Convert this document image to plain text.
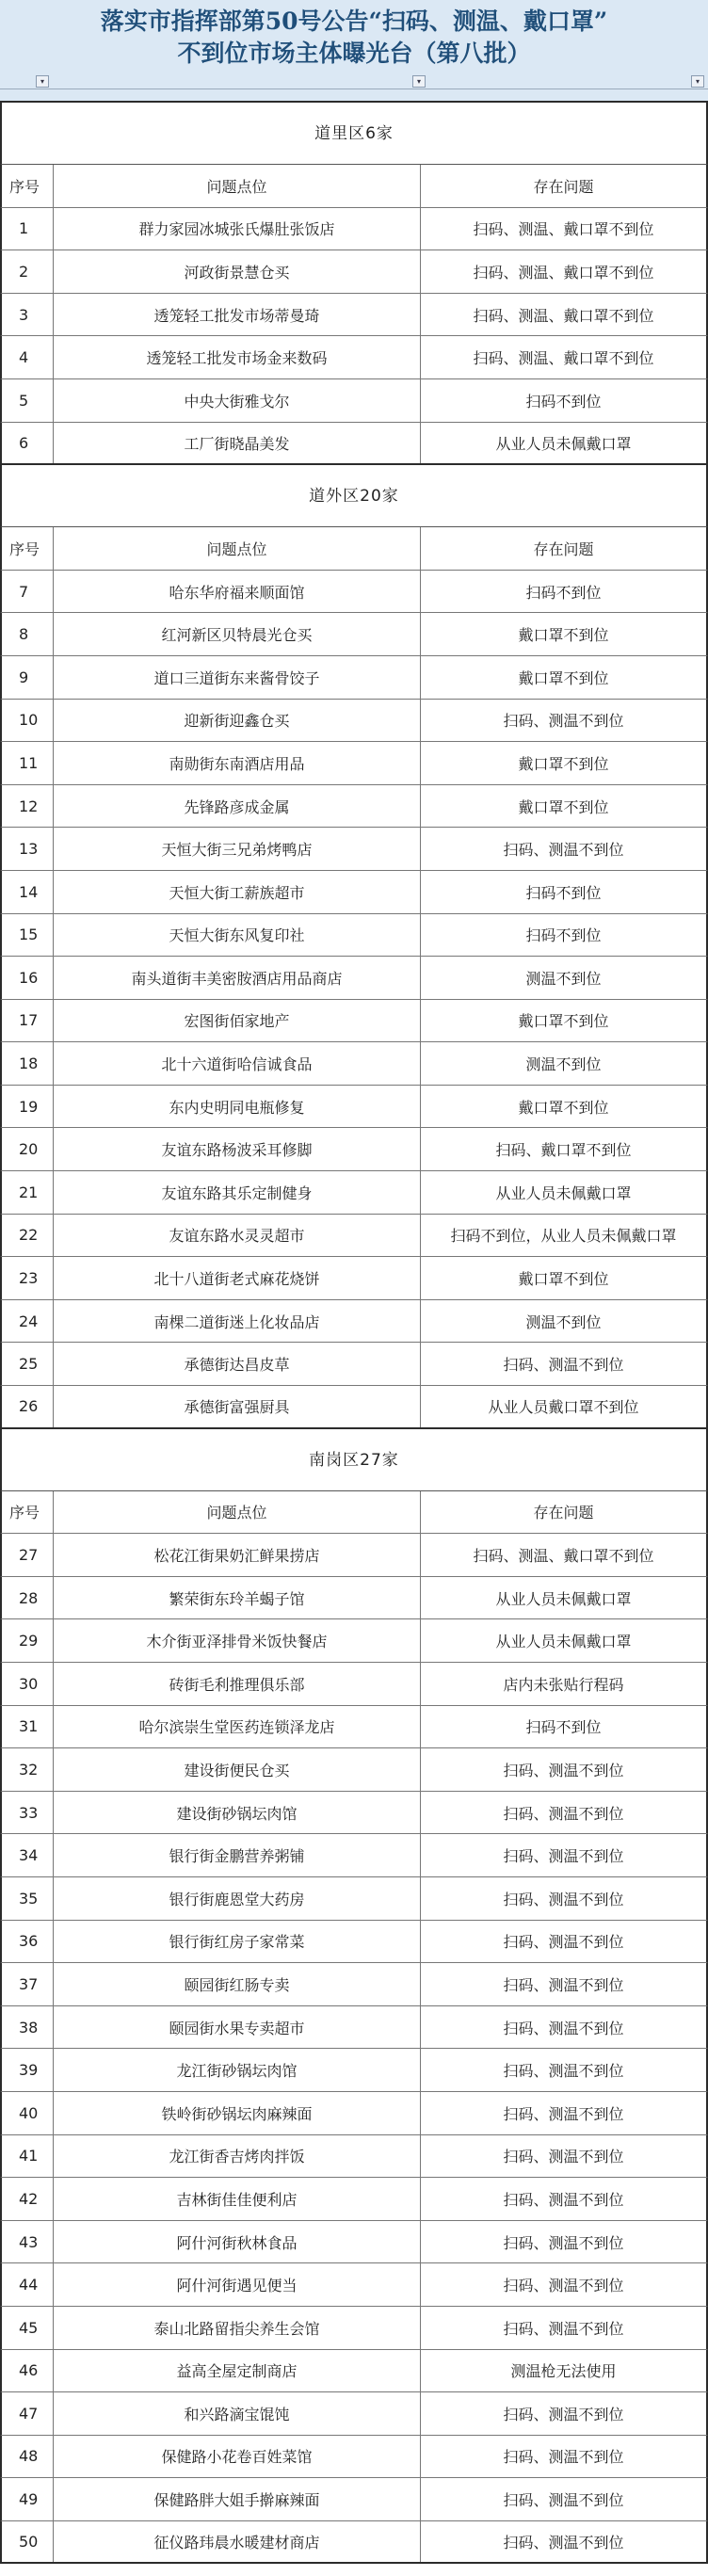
落实市指挥部第50号公告“扫码、测温、戴口罩”
不到位市场主体曝光台（第八批）
▾	▾	▾
道里区6家
序号	问题点位	存在问题
1	群力家园冰城张氏爆肚张饭店	扫码、测温、戴口罩不到位
2	河政街景慧仓买	扫码、测温、戴口罩不到位
3	透笼轻工批发市场蒂曼琦	扫码、测温、戴口罩不到位
4	透笼轻工批发市场金来数码	扫码、测温、戴口罩不到位
5	中央大街雅戈尔	扫码不到位
6	工厂街晓晶美发	从业人员未佩戴口罩
道外区20家
序号	问题点位	存在问题
7	哈东华府福来顺面馆	扫码不到位
8	红河新区贝特晨光仓买	戴口罩不到位
9	道口三道街东来酱骨饺子	戴口罩不到位
10	迎新街迎鑫仓买	扫码、测温不到位
11	南勋街东南酒店用品	戴口罩不到位
12	先锋路彦成金属	戴口罩不到位
13	天恒大街三兄弟烤鸭店	扫码、测温不到位
14	天恒大街工薪族超市	扫码不到位
15	天恒大街东风复印社	扫码不到位
16	南头道街丰美密胺酒店用品商店	测温不到位
17	宏图街佰家地产	戴口罩不到位
18	北十六道街哈信诚食品	测温不到位
19	东内史明同电瓶修复	戴口罩不到位
20	友谊东路杨波采耳修脚	扫码、戴口罩不到位
21	友谊东路其乐定制健身	从业人员未佩戴口罩
22	友谊东路水灵灵超市	扫码不到位，从业人员未佩戴口罩
23	北十八道街老式麻花烧饼	戴口罩不到位
24	南棵二道街迷上化妆品店	测温不到位
25	承德街达昌皮草	扫码、测温不到位
26	承德街富强厨具	从业人员戴口罩不到位
南岗区27家
序号	问题点位	存在问题
27	松花江街果奶汇鲜果捞店	扫码、测温、戴口罩不到位
28	繁荣街东玲羊蝎子馆	从业人员未佩戴口罩
29	木介街亚泽排骨米饭快餐店	从业人员未佩戴口罩
30	砖街毛利推理俱乐部	店内未张贴行程码
31	哈尔滨崇生堂医药连锁泽龙店	扫码不到位
32	建设街便民仓买	扫码、测温不到位
33	建设街砂锅坛肉馆	扫码、测温不到位
34	银行街金鹏营养粥铺	扫码、测温不到位
35	银行街鹿恩堂大药房	扫码、测温不到位
36	银行街红房子家常菜	扫码、测温不到位
37	颐园街红肠专卖	扫码、测温不到位
38	颐园街水果专卖超市	扫码、测温不到位
39	龙江街砂锅坛肉馆	扫码、测温不到位
40	铁岭街砂锅坛肉麻辣面	扫码、测温不到位
41	龙江街香吉烤肉拌饭	扫码、测温不到位
42	吉林街佳佳便利店	扫码、测温不到位
43	阿什河街秋林食品	扫码、测温不到位
44	阿什河街遇见便当	扫码、测温不到位
45	泰山北路留指尖养生会馆	扫码、测温不到位
46	益高全屋定制商店	测温枪无法使用
47	和兴路滴宝馄饨	扫码、测温不到位
48	保健路小花卷百姓菜馆	扫码、测温不到位
49	保健路胖大姐手擀麻辣面	扫码、测温不到位
50	征仪路玮晨水暖建材商店	扫码、测温不到位
